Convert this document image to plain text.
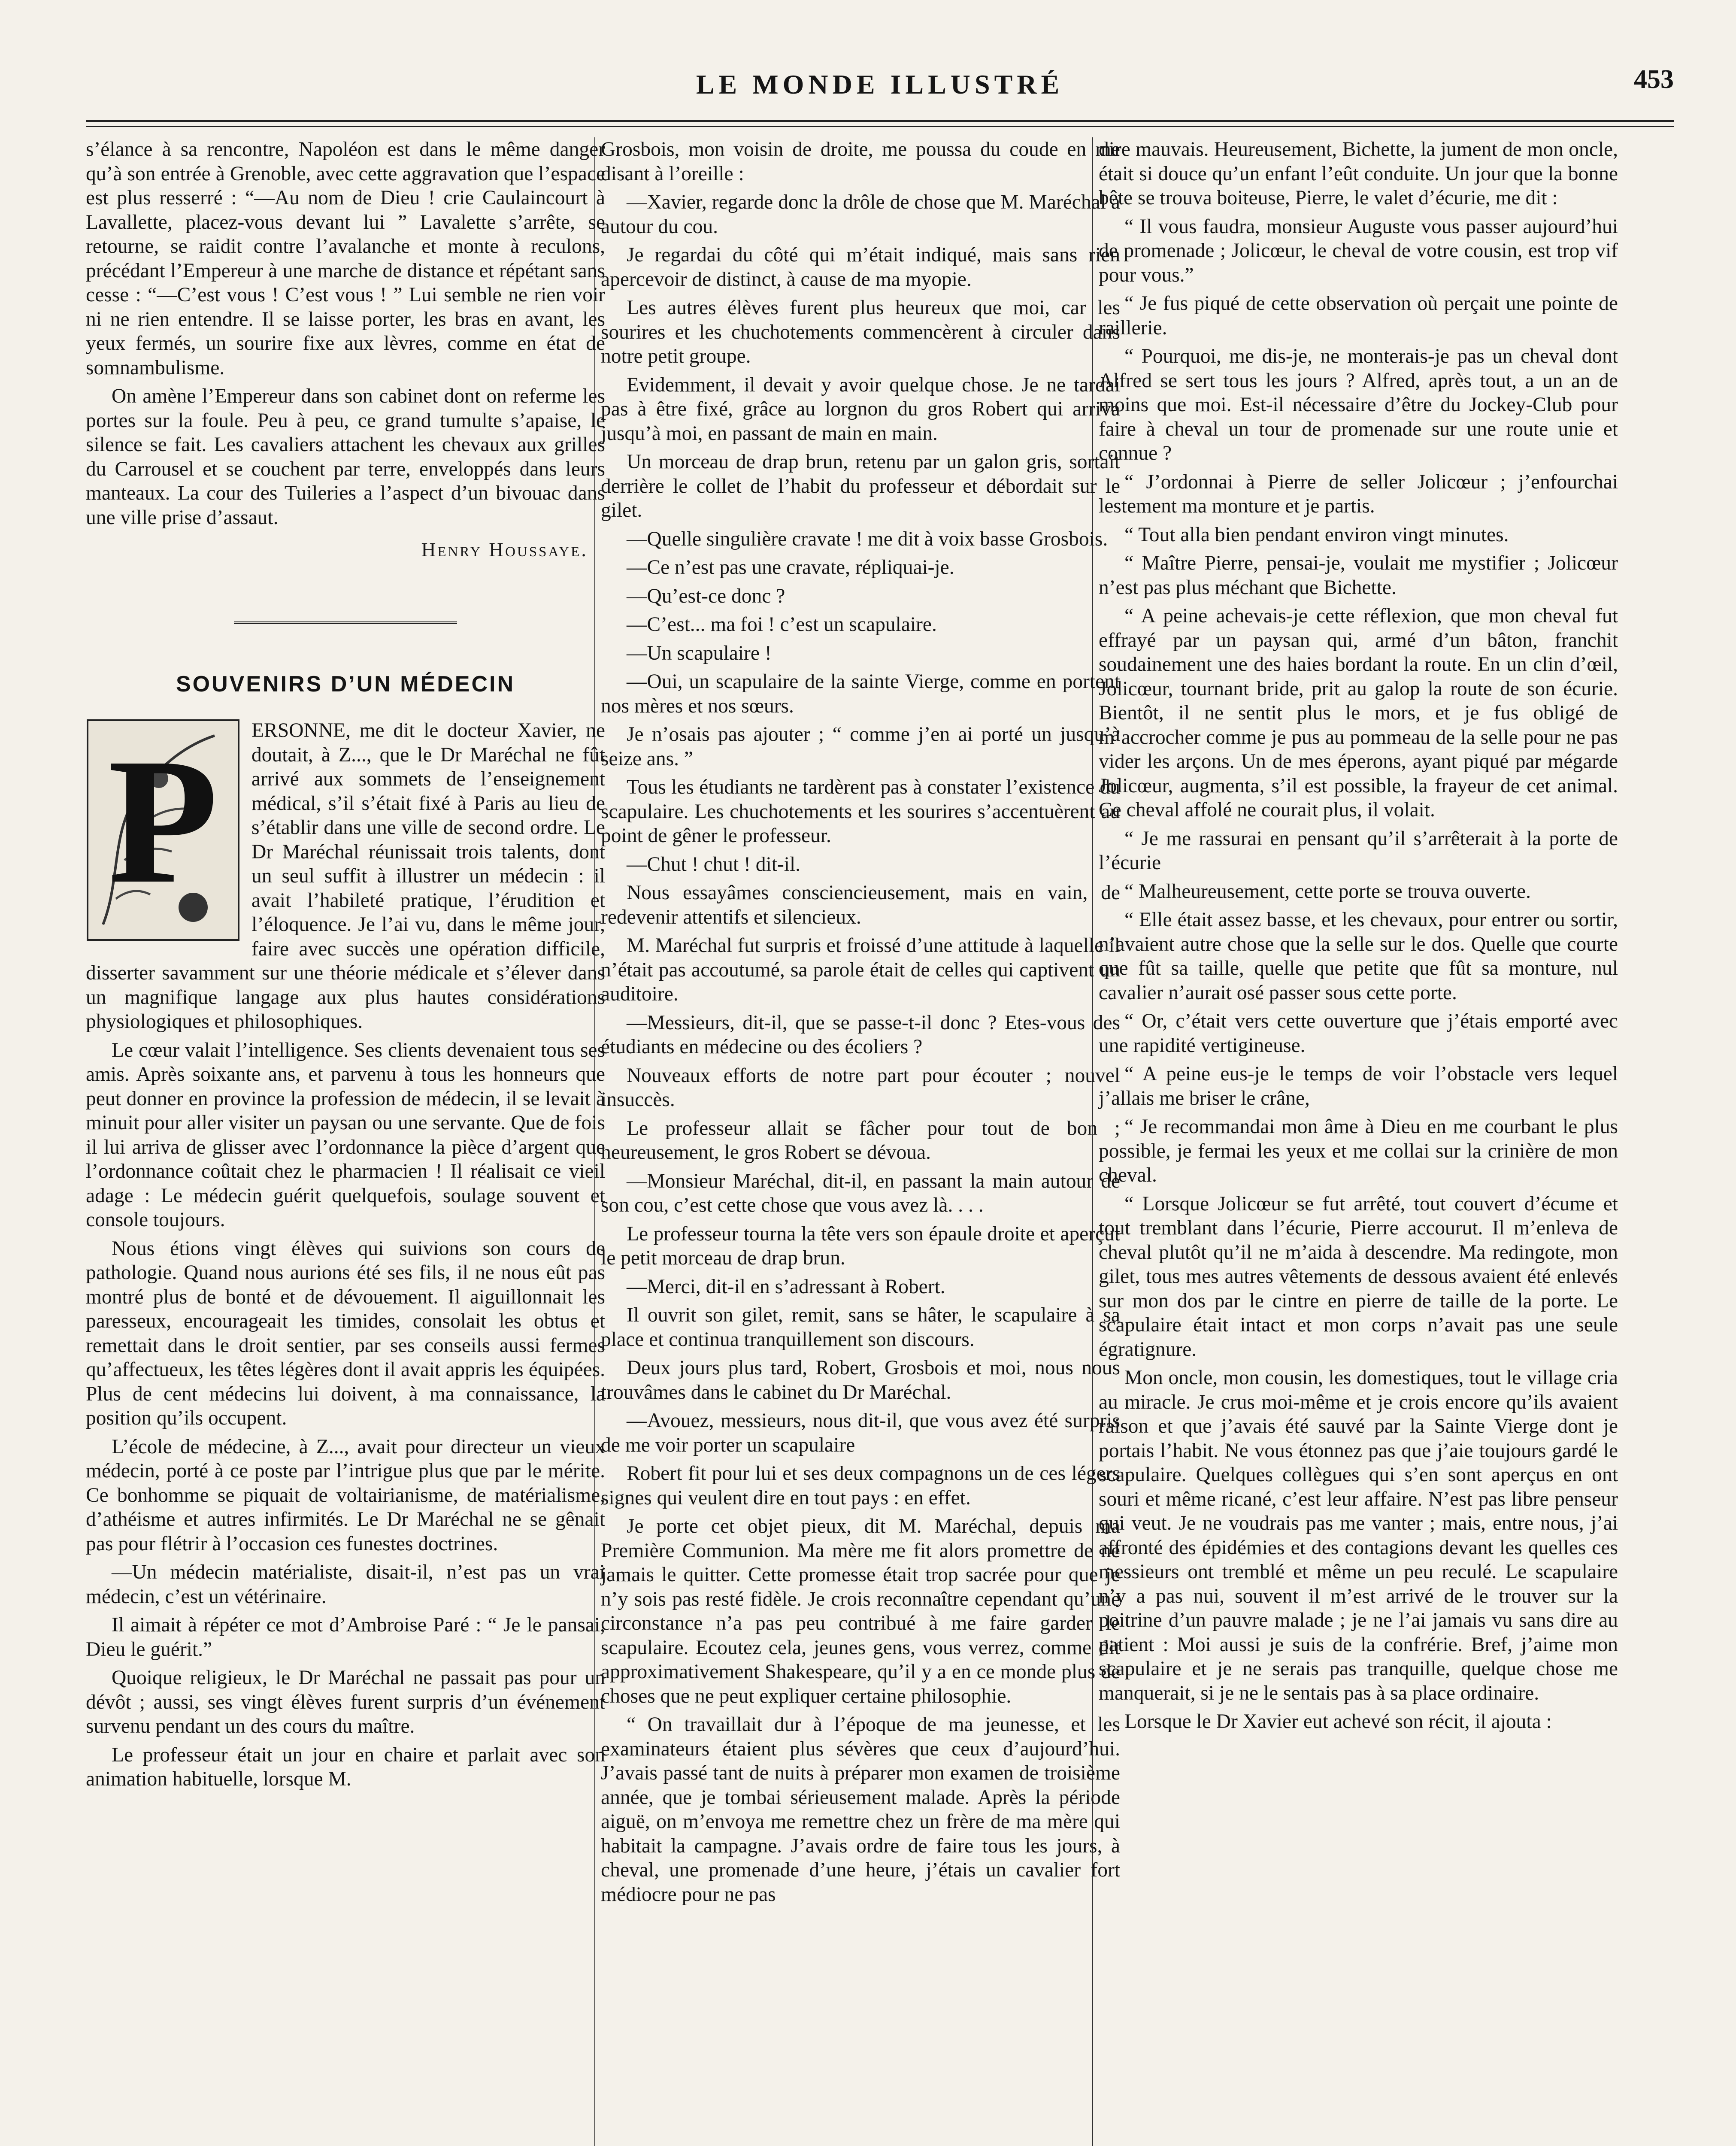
LE MONDE ILLUSTRÉ	453

s’élance à sa rencontre, Napoléon est dans le même danger qu’à son entrée à Grenoble, avec cette aggravation que l’espace est plus resserré : “—Au nom de Dieu ! crie Caulaincourt à Lavallette, placez-vous devant lui ” Lavalette s’arrête, se retourne, se raidit contre l’avalanche et monte à reculons, précédant l’Empereur à une marche de distance et répétant sans cesse : “—C’est vous ! C’est vous ! ” Lui semble ne rien voir ni ne rien entendre. Il se laisse porter, les bras en avant, les yeux fermés, un sourire fixe aux lèvres, comme en état de somnambulisme.

On amène l’Empereur dans son cabinet dont on referme les portes sur la foule. Peu à peu, ce grand tumulte s’apaise, le silence se fait. Les cavaliers attachent les chevaux aux grilles du Carrousel et se couchent par terre, enveloppés dans leurs manteaux. La cour des Tuileries a l’aspect d’un bivouac dans une ville prise d’assaut.

Henry Houssaye.
SOUVENIRS D’UN MÉDECIN
P	ERSONNE, me dit le docteur Xavier, ne doutait, à Z..., que le Dr Maréchal ne fût arrivé aux sommets de l’enseignement médical, s’il s’était fixé à Paris au lieu de s’établir dans une ville de second ordre. Le Dr Maréchal réunissait trois talents, dont un seul suffit à illustrer un médecin : il avait l’habileté pratique, l’érudition et l’éloquence. Je l’ai vu, dans le même jour, faire avec succès une opération difficile, disserter savamment sur une théorie médicale et s’élever dans un magnifique langage aux plus hautes considérations physiologiques et philosophiques.

Le cœur valait l’intelligence. Ses clients devenaient tous ses amis. Après soixante ans, et parvenu à tous les honneurs que peut donner en province la profession de médecin, il se levait à minuit pour aller visiter un paysan ou une servante. Que de fois il lui arriva de glisser avec l’ordonnance la pièce d’argent que l’ordonnance coûtait chez le pharmacien ! Il réalisait ce vieil adage : Le médecin guérit quelquefois, soulage souvent et console toujours.

Nous étions vingt élèves qui suivions son cours de pathologie. Quand nous aurions été ses fils, il ne nous eût pas montré plus de bonté et de dévouement. Il aiguillonnait les paresseux, encourageait les timides, consolait les obtus et remettait dans le droit sentier, par ses conseils aussi fermes qu’affectueux, les têtes légères dont il avait appris les équipées. Plus de cent médecins lui doivent, à ma connaissance, la position qu’ils occupent.

L’école de médecine, à Z..., avait pour directeur un vieux médecin, porté à ce poste par l’intrigue plus que par le mérite. Ce bonhomme se piquait de voltairianisme, de matérialisme, d’athéisme et autres infirmités. Le Dr Maréchal ne se gênait pas pour flétrir à l’occasion ces funestes doctrines.

—Un médecin matérialiste, disait-il, n’est pas un vrai médecin, c’est un vétérinaire.

Il aimait à répéter ce mot d’Ambroise Paré : “ Je le pansai, Dieu le guérit.”

Quoique religieux, le Dr Maréchal ne passait pas pour un dévôt ; aussi, ses vingt élèves furent surpris d’un événement survenu pendant un des cours du maître.

Le professeur était un jour en chaire et parlait avec son animation habituelle, lorsque M.

Grosbois, mon voisin de droite, me poussa du coude en me disant à l’oreille :

—Xavier, regarde donc la drôle de chose que M. Maréchal a autour du cou.

Je regardai du côté qui m’était indiqué, mais sans rien apercevoir de distinct, à cause de ma myopie.

Les autres élèves furent plus heureux que moi, car les sourires et les chuchotements commencèrent à circuler dans notre petit groupe.

Evidemment, il devait y avoir quelque chose. Je ne tardai pas à être fixé, grâce au lorgnon du gros Robert qui arriva jusqu’à moi, en passant de main en main.

Un morceau de drap brun, retenu par un galon gris, sortait derrière le collet de l’habit du professeur et débordait sur le gilet.

—Quelle singulière cravate ! me dit à voix basse Grosbois.

—Ce n’est pas une cravate, répliquai-je.

—Qu’est-ce donc ?

—C’est... ma foi ! c’est un scapulaire.

—Un scapulaire !

—Oui, un scapulaire de la sainte Vierge, comme en portent nos mères et nos sœurs.

Je n’osais pas ajouter ; “ comme j’en ai porté un jusqu’à seize ans. ”

Tous les étudiants ne tardèrent pas à constater l’existence du scapulaire. Les chuchotements et les sourires s’accentuèrent au point de gêner le professeur.

—Chut ! chut ! dit-il.

Nous essayâmes consciencieusement, mais en vain, de redevenir attentifs et silencieux.

M. Maréchal fut surpris et froissé d’une attitude à laquelle il n’était pas accoutumé, sa parole était de celles qui captivent un auditoire.

—Messieurs, dit-il, que se passe-t-il donc ? Etes-vous des étudiants en médecine ou des écoliers ?

Nouveaux efforts de notre part pour écouter ; nouvel insuccès.

Le professeur allait se fâcher pour tout de bon ; heureusement, le gros Robert se dévoua.

—Monsieur Maréchal, dit-il, en passant la main autour de son cou, c’est cette chose que vous avez là. . . .

Le professeur tourna la tête vers son épaule droite et aperçut le petit morceau de drap brun.

—Merci, dit-il en s’adressant à Robert.

Il ouvrit son gilet, remit, sans se hâter, le scapulaire à sa place et continua tranquillement son discours.

Deux jours plus tard, Robert, Grosbois et moi, nous nous trouvâmes dans le cabinet du Dr Maréchal.

—Avouez, messieurs, nous dit-il, que vous avez été surpris de me voir porter un scapulaire

Robert fit pour lui et ses deux compagnons un de ces légers signes qui veulent dire en tout pays : en effet.

Je porte cet objet pieux, dit M. Maréchal, depuis ma Première Communion. Ma mère me fit alors promettre de ne jamais le quitter. Cette promesse était trop sacrée pour que je n’y sois pas resté fidèle. Je crois reconnaître cependant qu’une circonstance n’a pas peu contribué à me faire garder le scapulaire. Ecoutez cela, jeunes gens, vous verrez, comme dit approximativement Shakespeare, qu’il y a en ce monde plus de choses que ne peut expliquer certaine philosophie.

“ On travaillait dur à l’époque de ma jeunesse, et les examinateurs étaient plus sévères que ceux d’aujourd’hui. J’avais passé tant de nuits à préparer mon examen de troisième année, que je tombai sérieusement malade. Après la période aiguë, on m’envoya me remettre chez un frère de ma mère qui habitait la campagne. J’avais ordre de faire tous les jours, à cheval, une promenade d’une heure, j’étais un cavalier fort médiocre pour ne pas

dire mauvais. Heureusement, Bichette, la jument de mon oncle, était si douce qu’un enfant l’eût conduite. Un jour que la bonne bête se trouva boiteuse, Pierre, le valet d’écurie, me dit :

“ Il vous faudra, monsieur Auguste vous passer aujourd’hui de promenade ; Jolicœur, le cheval de votre cousin, est trop vif pour vous.”

“ Je fus piqué de cette observation où perçait une pointe de raillerie.

“ Pourquoi, me dis-je, ne monterais-je pas un cheval dont Alfred se sert tous les jours ? Alfred, après tout, a un an de moins que moi. Est-il nécessaire d’être du Jockey-Club pour faire à cheval un tour de promenade sur une route unie et connue ?

“ J’ordonnai à Pierre de seller Jolicœur ; j’enfourchai lestement ma monture et je partis.

“ Tout alla bien pendant environ vingt minutes.

“ Maître Pierre, pensai-je, voulait me mystifier ; Jolicœur n’est pas plus méchant que Bichette.

“ A peine achevais-je cette réflexion, que mon cheval fut effrayé par un paysan qui, armé d’un bâton, franchit soudainement une des haies bordant la route. En un clin d’œil, Jolicœur, tournant bride, prit au galop la route de son écurie. Bientôt, il ne sentit plus le mors, et je fus obligé de m’accrocher comme je pus au pommeau de la selle pour ne pas vider les arçons. Un de mes éperons, ayant piqué par mégarde Jolicœur, augmenta, s’il est possible, la frayeur de cet animal. Ce cheval affolé ne courait plus, il volait.

“ Je me rassurai en pensant qu’il s’arrêterait à la porte de l’écurie

“ Malheureusement, cette porte se trouva ouverte.

“ Elle était assez basse, et les chevaux, pour entrer ou sortir, n’avaient autre chose que la selle sur le dos. Quelle que courte que fût sa taille, quelle que petite que fût sa monture, nul cavalier n’aurait osé passer sous cette porte.

“ Or, c’était vers cette ouverture que j’étais emporté avec une rapidité vertigineuse.

“ A peine eus-je le temps de voir l’obstacle vers lequel j’allais me briser le crâne,

“ Je recommandai mon âme à Dieu en me courbant le plus possible, je fermai les yeux et me collai sur la crinière de mon cheval.

“ Lorsque Jolicœur se fut arrêté, tout couvert d’écume et tout tremblant dans l’écurie, Pierre accourut. Il m’enleva de cheval plutôt qu’il ne m’aida à descendre. Ma redingote, mon gilet, tous mes autres vêtements de dessous avaient été enlevés sur mon dos par le cintre en pierre de taille de la porte. Le scapulaire était intact et mon corps n’avait pas une seule égratignure.

Mon oncle, mon cousin, les domestiques, tout le village cria au miracle. Je crus moi-même et je crois encore qu’ils avaient raison et que j’avais été sauvé par la Sainte Vierge dont je portais l’habit. Ne vous étonnez pas que j’aie toujours gardé le scapulaire. Quelques collègues qui s’en sont aperçus en ont souri et même ricané, c’est leur affaire. N’est pas libre penseur qui veut. Je ne voudrais pas me vanter ; mais, entre nous, j’ai affronté des épidémies et des contagions devant les quelles ces messieurs ont tremblé et même un peu reculé. Le scapulaire n’y a pas nui, souvent il m’est arrivé de le trouver sur la poitrine d’un pauvre malade ; je ne l’ai jamais vu sans dire au patient : Moi aussi je suis de la confrérie. Bref, j’aime mon scapulaire et je ne serais pas tranquille, quelque chose me manquerait, si je ne le sentais pas à sa place ordinaire.

Lorsque le Dr Xavier eut achevé son récit, il ajouta :
